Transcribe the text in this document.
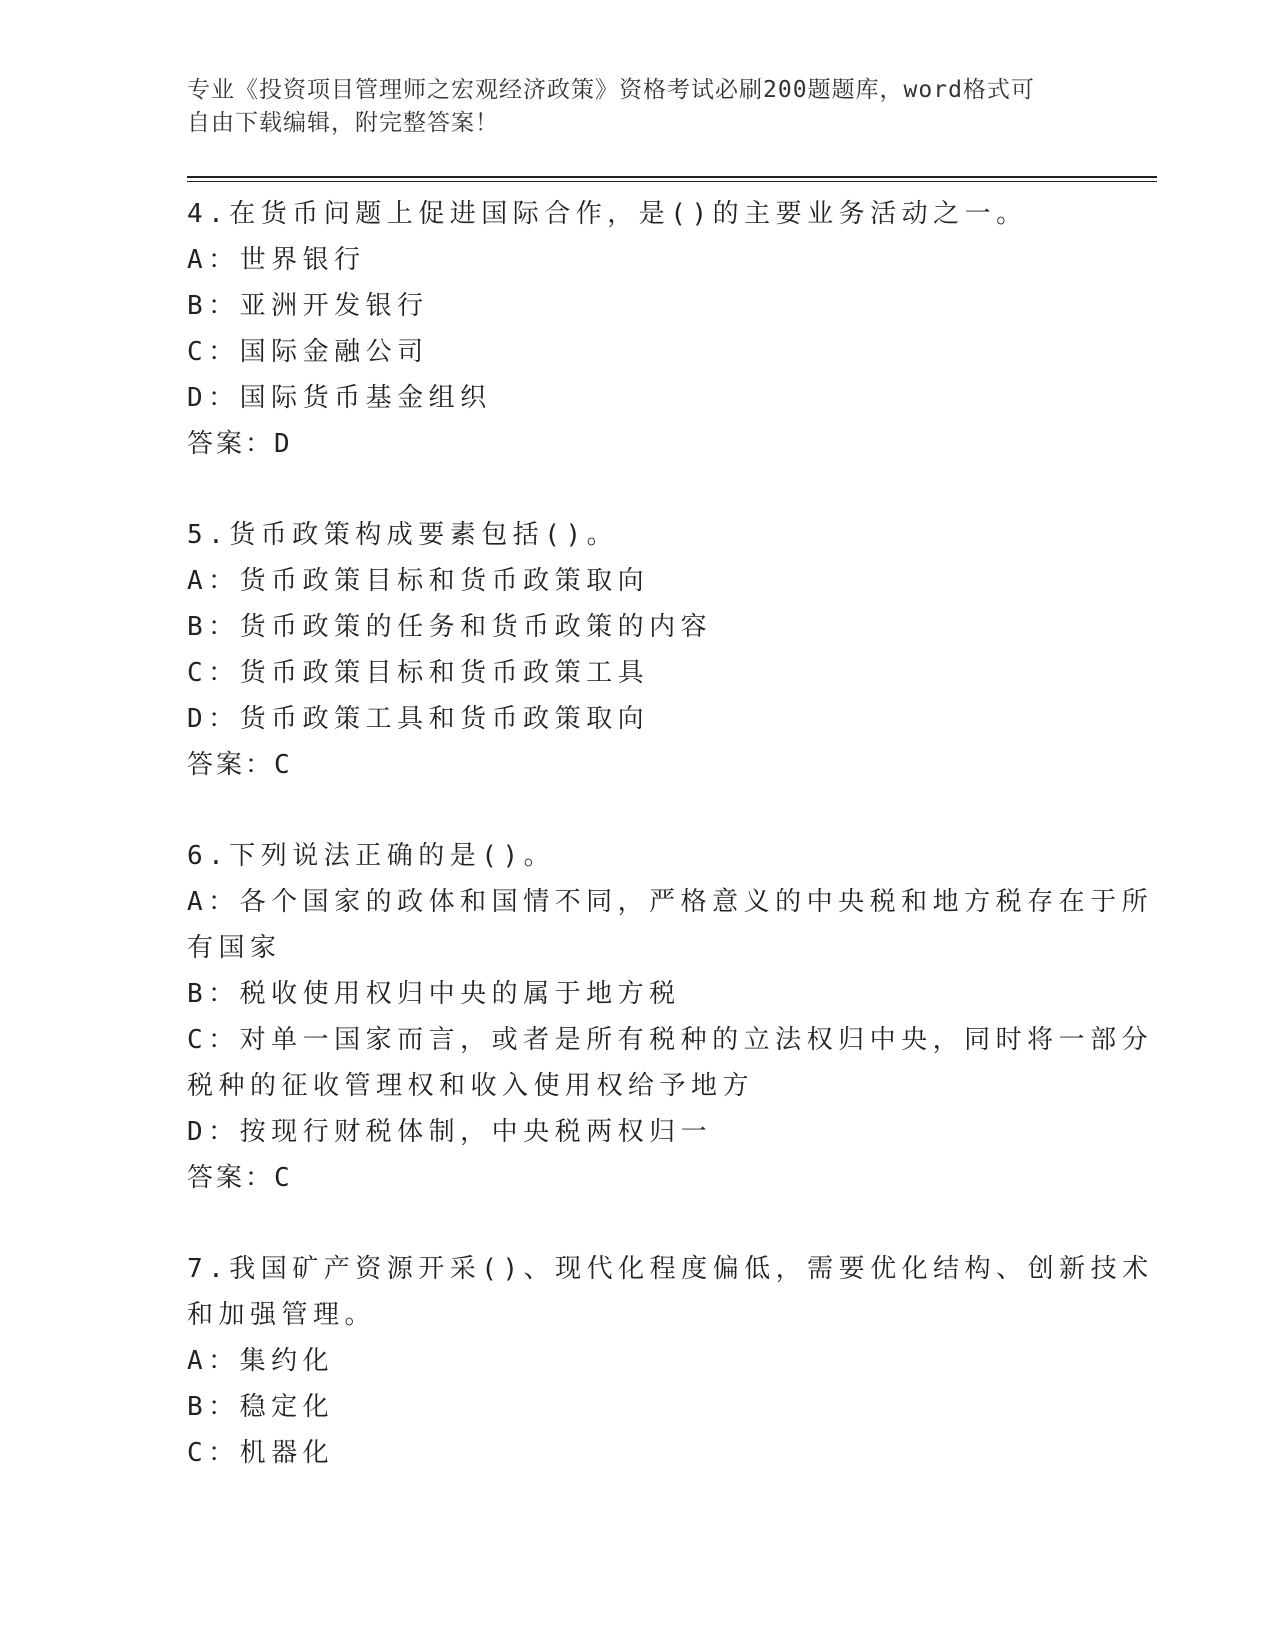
专业《投资项目管理师之宏观经济政策》资格考试必刷200题题库，word格式可
自由下载编辑，附完整答案！
4.在货币问题上促进国际合作，是()的主要业务活动之一。
A：世界银行
B：亚洲开发银行
C：国际金融公司
D：国际货币基金组织
答案：D
5.货币政策构成要素包括()。
A：货币政策目标和货币政策取向
B：货币政策的任务和货币政策的内容
C：货币政策目标和货币政策工具
D：货币政策工具和货币政策取向
答案：C
6.下列说法正确的是()。
A：各个国家的政体和国情不同，严格意义的中央税和地方税存在于所
有国家
B：税收使用权归中央的属于地方税
C：对单一国家而言，或者是所有税种的立法权归中央，同时将一部分
税种的征收管理权和收入使用权给予地方
D：按现行财税体制，中央税两权归一
答案：C
7.我国矿产资源开采()、现代化程度偏低，需要优化结构、创新技术
和加强管理。
A：集约化
B：稳定化
C：机器化
